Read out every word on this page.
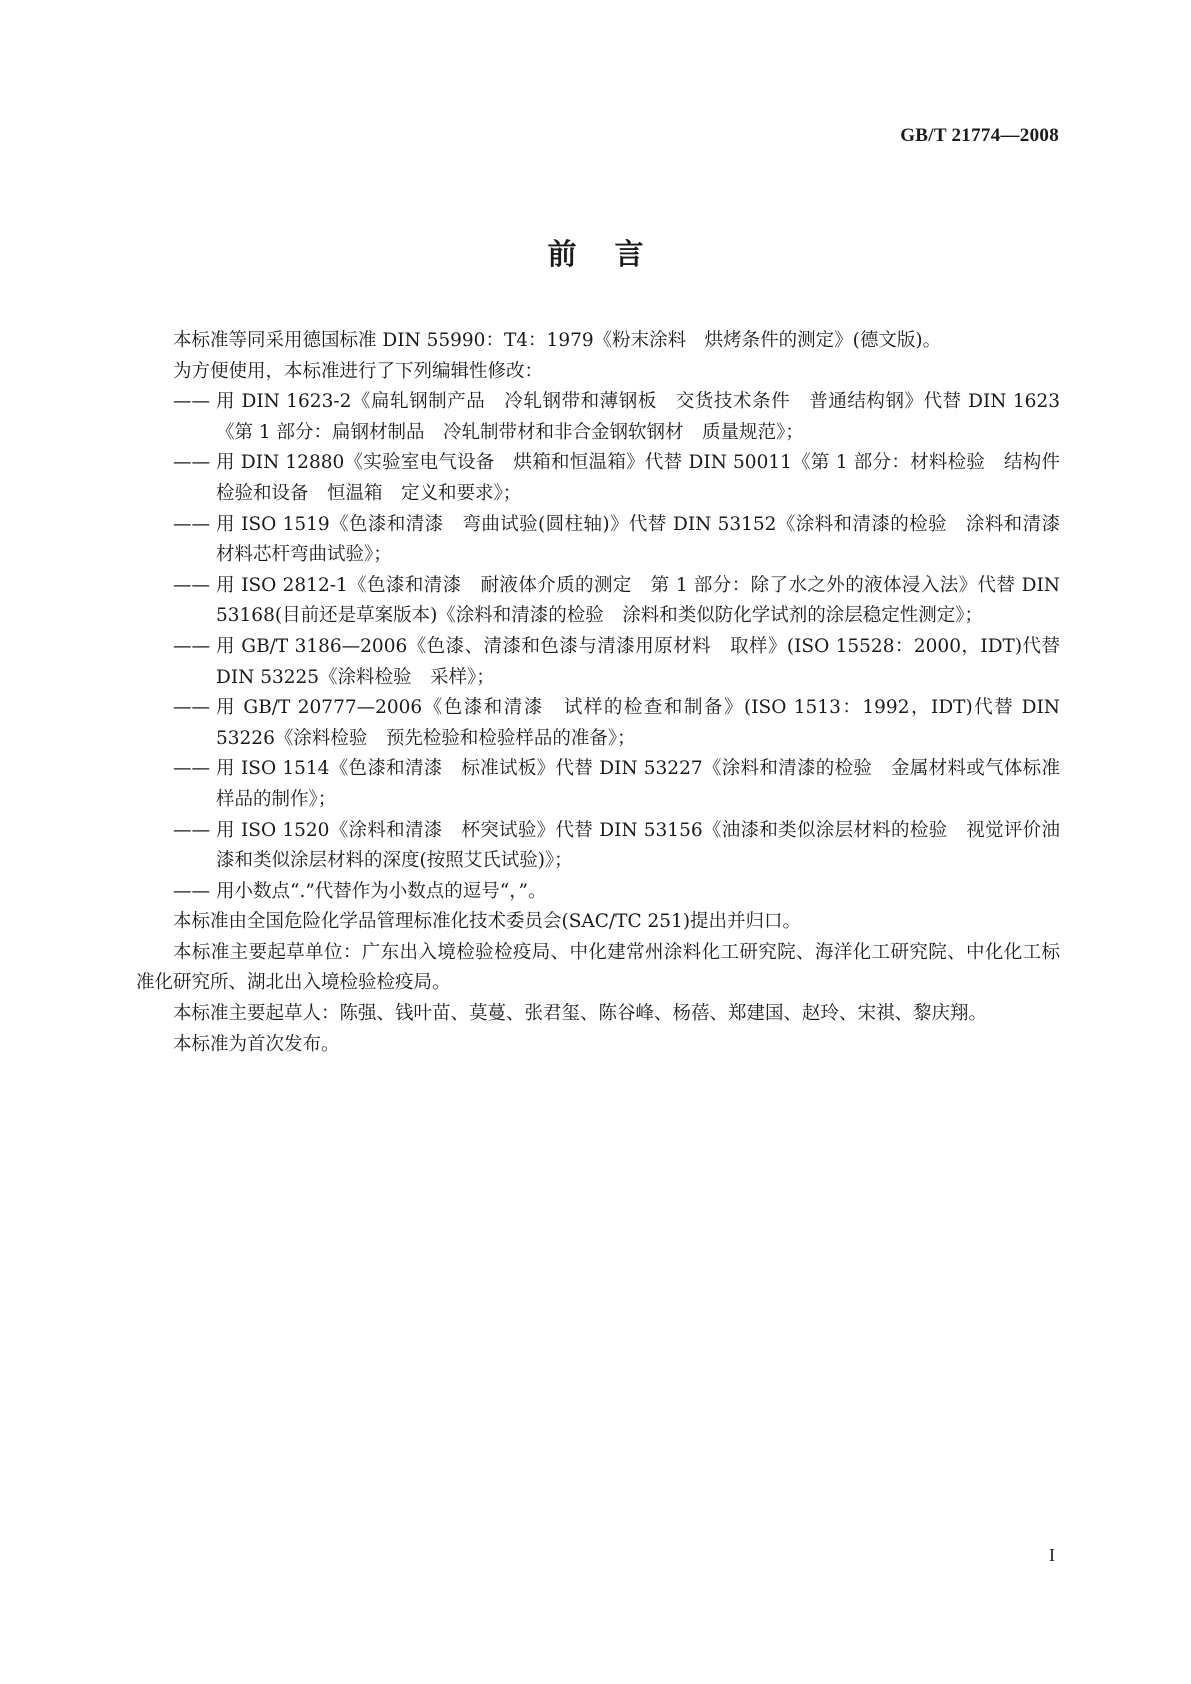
GB/T 21774—2008
前言

本标准等同采用德国标准 DIN 55990：T4：1979《粉末涂料　烘烤条件的测定》(德文版)。

为方便使用，本标准进行了下列编辑性修改：

—— 用 DIN 1623-2《扁轧钢制产品　冷轧钢带和薄钢板　交货技术条件　普通结构钢》代替 DIN 1623《第 1 部分：扁钢材制品　冷轧制带材和非合金钢软钢材　质量规范》；
—— 用 DIN 12880《实验室电气设备　烘箱和恒温箱》代替 DIN 50011《第 1 部分：材料检验　结构件检验和设备　恒温箱　定义和要求》；
—— 用 ISO 1519《色漆和清漆　弯曲试验(圆柱轴)》代替 DIN 53152《涂料和清漆的检验　涂料和清漆材料芯杆弯曲试验》；
—— 用 ISO 2812-1《色漆和清漆　耐液体介质的测定　第 1 部分：除了水之外的液体浸入法》代替 DIN 53168(目前还是草案版本)《涂料和清漆的检验　涂料和类似防化学试剂的涂层稳定性测定》；
—— 用 GB/T 3186—2006《色漆、清漆和色漆与清漆用原材料　取样》(ISO 15528：2000，IDT)代替 DIN 53225《涂料检验　采样》；
—— 用 GB/T 20777—2006《色漆和清漆　试样的检查和制备》(ISO 1513：1992，IDT)代替 DIN 53226《涂料检验　预先检验和检验样品的准备》；
—— 用 ISO 1514《色漆和清漆　标准试板》代替 DIN 53227《涂料和清漆的检验　金属材料或气体标准样品的制作》；
—— 用 ISO 1520《涂料和清漆　杯突试验》代替 DIN 53156《油漆和类似涂层材料的检验　视觉评价油漆和类似涂层材料的深度(按照艾氏试验)》；
—— 用小数点“.”代替作为小数点的逗号“，”。

本标准由全国危险化学品管理标准化技术委员会(SAC/TC 251)提出并归口。

本标准主要起草单位：广东出入境检验检疫局、中化建常州涂料化工研究院、海洋化工研究院、中化化工标准化研究所、湖北出入境检验检疫局。

本标准主要起草人：陈强、钱叶苗、莫蔓、张君玺、陈谷峰、杨蓓、郑建国、赵玲、宋祺、黎庆翔。

本标准为首次发布。

I
